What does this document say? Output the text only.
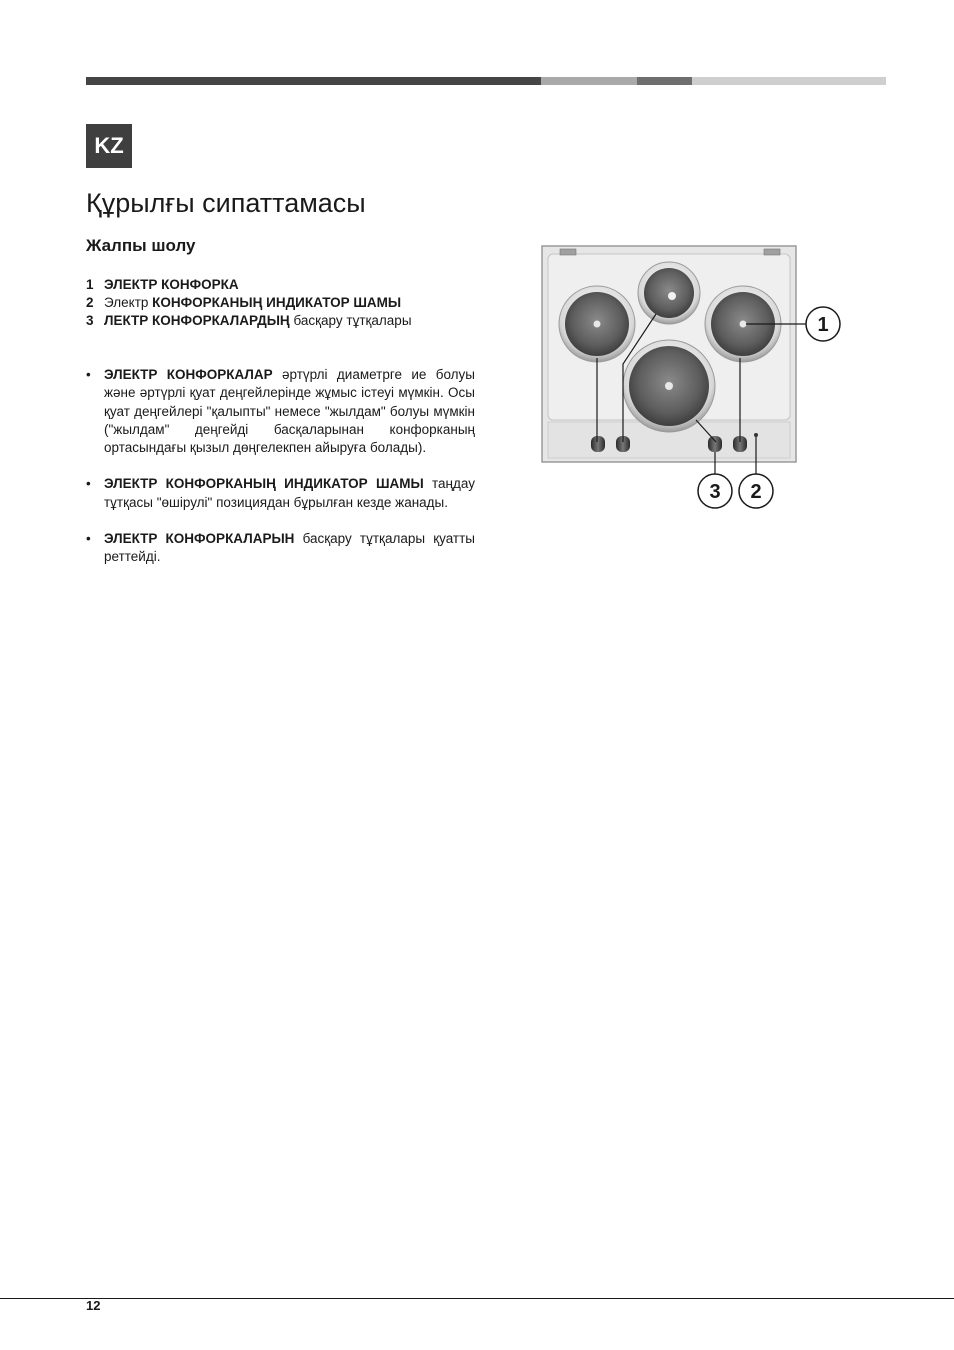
KZ
Құрылғы сипаттамасы
Жалпы шолу
1 ЭЛЕКТР КОНФОРКА
2 Электр КОНФОРКАНЫҢ ИНДИКАТОР ШАМЫ
3 ЛЕКТР КОНФОРКАЛАРДЫҢ басқару тұтқалары

• ЭЛЕКТР КОНФОРКАЛАР әртүрлі диаметрге ие болуы және әртүрлі қуат деңгейлерінде жұмыс істеуі мүмкін. Осы қуат деңгейлері "қалыпты" немесе "жылдам" болуы мүмкін ("жылдам" деңгейді басқаларынан конфорканың ортасындағы қызыл дөңгелекпен айыруға болады).

• ЭЛЕКТР КОНФОРКАНЫҢ ИНДИКАТОР ШАМЫ таңдау тұтқасы "өшірулі" позициядан бұрылған кезде жанады.

• ЭЛЕКТР КОНФОРКАЛАРЫН басқару тұтқалары қуатты реттейді.

1
3 2
12
